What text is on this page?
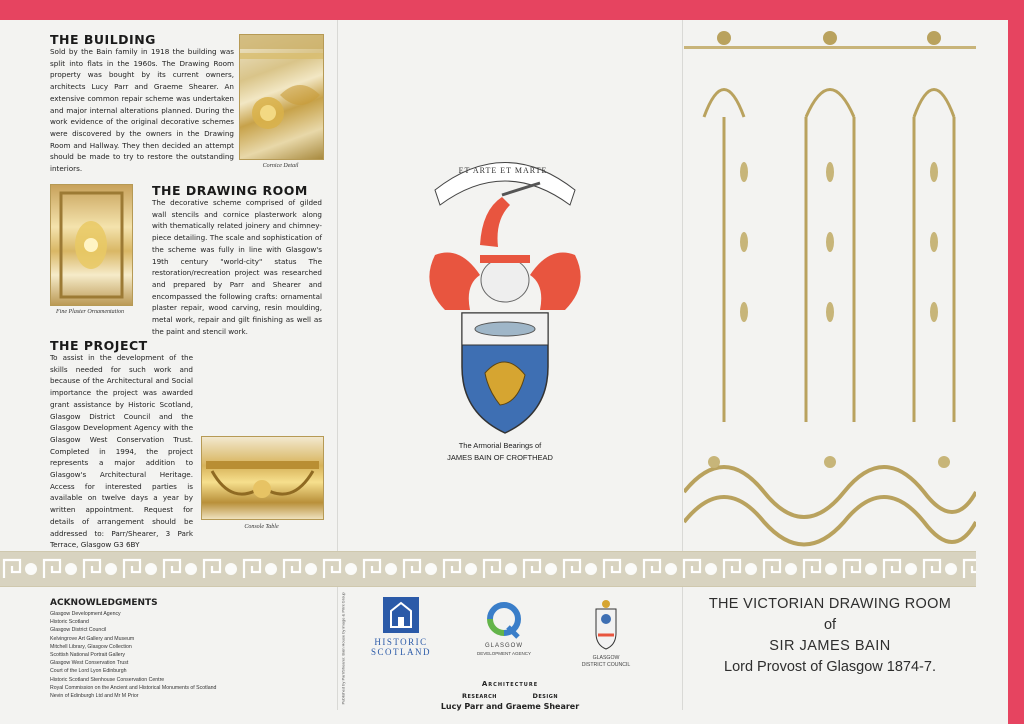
THE BUILDING

Sold by the Bain family in 1918 the building was split into flats in the 1960s. The Drawing Room property was bought by its current owners, architects Lucy Parr and Graeme Shearer. An extensive common repair scheme was undertaken and major internal alterations planned. During the work evidence of the original decorative schemes were discovered by the owners in the Drawing Room and Hallway. They then decided an attempt should be made to try to restore the outstanding interiors.	Cornice Detail
Fine Plaster Ornamentation
THE DRAWING ROOM

The decorative scheme comprised of gilded wall stencils and cornice plasterwork along with thematically related joinery and chimney-piece detailing. The scale and sophistication of the scheme was fully in line with Glasgow's 19th century "world-city" status The restoration/recreation project was researched and prepared by Parr and Shearer and encompassed the following crafts: ornamental plaster repair, wood carving, resin moulding, metal work, repair and gilt finishing as well as the paint and stencil work.

THE PROJECT

To assist in the development of the skills needed for such work and because of the Architectural and Social importance the project was awarded grant assistance by Historic Scotland, Glasgow District Council and the Glasgow Development Agency with the Glasgow West Conservation Trust. Completed in 1994, the project represents a major addition to Glasgow's Architectural Heritage. Access for interested parties is available on twelve days a year by written appointment. Request for details of arrangement should be addressed to: Parr/Shearer, 3 Park Terrace, Glasgow G3 6BY

Console Table
ET ARTE ET MARTE
The Armorial Bearings of
JAMES BAIN OF CROFTHEAD
ACKNOWLEDGMENTS
Glasgow Development Agency
Historic Scotland
Glasgow District Council
Kelvingrove Art Gallery and Museum
Mitchell Library, Glasgow Collection
Scottish National Portrait Gallery
Glasgow West Conservation Trust
Court of the Lord Lyon Edinburgh
Historic Scotland Stenhouse Conservation Centre
Royal Commission on the Ancient and Historical Monuments of Scotland
Nevin of Edinburgh Ltd and Mr M Prior	Published by Parr/Shearer. Bain House by image & Print Group	HISTORIC
SCOTLAND
GLASGOW
DEVELOPMENT AGENCY
GLASGOW
DISTRICT COUNCIL
Architecture
Research	Design
Lucy Parr and Graeme Shearer
THE VICTORIAN DRAWING ROOM
of
SIR JAMES BAIN
Lord Provost of Glasgow 1874-7.
